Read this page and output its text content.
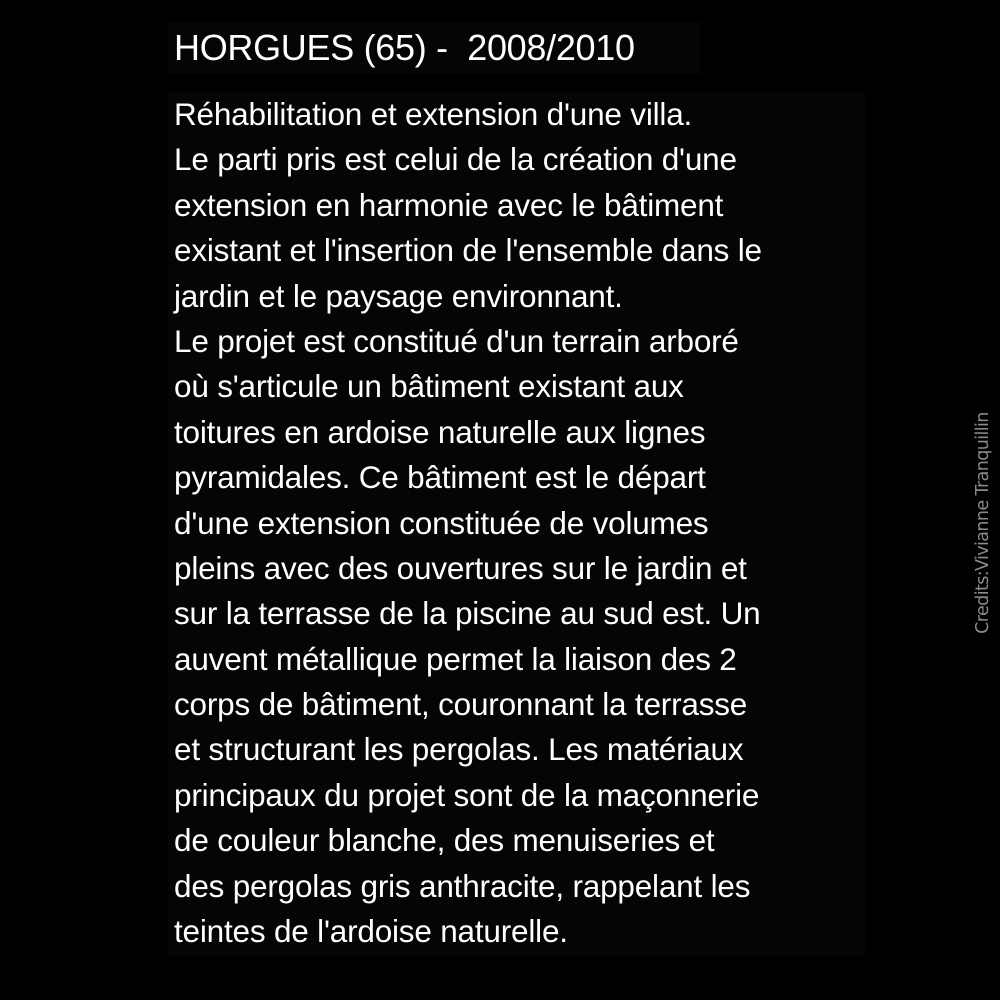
HORGUES (65) -  2008/2010
Réhabilitation et extension d'une villa.
Le parti pris est celui de la création d'une
extension en harmonie avec le bâtiment
existant et l'insertion de l'ensemble dans le
jardin et le paysage environnant.
Le projet est constitué d'un terrain arboré
où s'articule un bâtiment existant aux
toitures en ardoise naturelle aux lignes
pyramidales. Ce bâtiment est le départ
d'une extension constituée de volumes
pleins avec des ouvertures sur le jardin et
sur la terrasse de la piscine au sud est. Un
auvent métallique permet la liaison des 2
corps de bâtiment, couronnant la terrasse
et structurant les pergolas. Les matériaux
principaux du projet sont de la maçonnerie
de couleur blanche, des menuiseries et
des pergolas gris anthracite, rappelant les
teintes de l'ardoise naturelle.
Credits:Vivianne Tranquillin
